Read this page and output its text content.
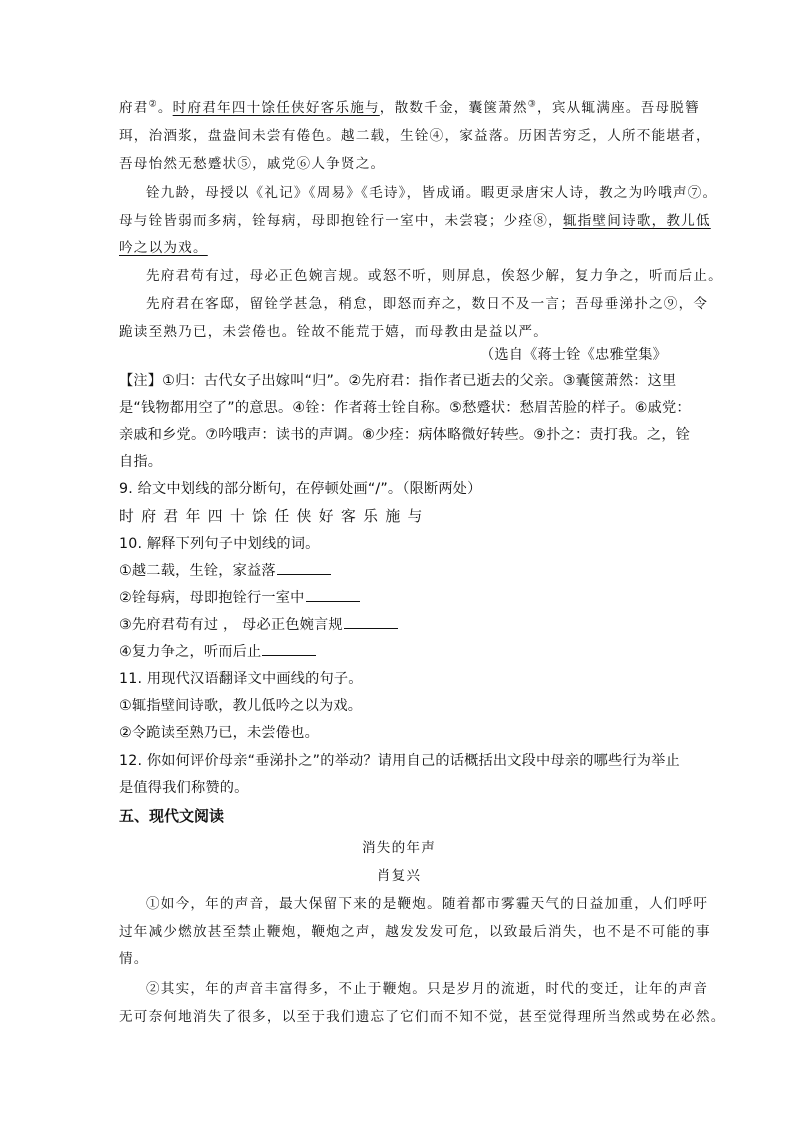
府君②。时府君年四十馀任侠好客乐施与，散数千金，囊箧萧然③，宾从辄满座。吾母脱簪
珥，治酒浆，盘盎间未尝有倦色。越二载，生铨④，家益落。历困苦穷乏，人所不能堪者，
吾母怡然无愁蹙状⑤，戚党⑥人争贤之。
铨九龄，母授以《礼记》《周易》《毛诗》，皆成诵。暇更录唐宋人诗，教之为吟哦声⑦。
母与铨皆弱而多病，铨每病，母即抱铨行一室中，未尝寝；少痊⑧，辄指壁间诗歌，教儿低
吟之以为戏。
先府君苟有过，母必正色婉言规。或怒不听，则屏息，俟怒少解，复力争之，听而后止。
先府君在客邸，留铨学甚急，稍怠，即怒而弃之，数日不及一言；吾母垂涕扑之⑨，令
跪读至熟乃已，未尝倦也。铨故不能荒于嬉，而母教由是益以严。
（选自《蒋士铨《忠雅堂集》
【注】①归：古代女子出嫁叫“归”。②先府君：指作者已逝去的父亲。③囊箧萧然：这里
是“钱物都用空了”的意思。④铨：作者蒋士铨自称。⑤愁蹙状：愁眉苦脸的样子。⑥戚党：
亲戚和乡党。⑦吟哦声：读书的声调。⑧少痊：病体略微好转些。⑨扑之：责打我。之，铨
自指。
9. 给文中划线的部分断句，在停顿处画“/”。（限断两处）
时府君年四十馀任侠好客乐施与
10. 解释下列句子中划线的词。
①越二载，生铨，家益落
②铨每病，母即抱铨行一室中
③先府君苟有过 ， 母必正色婉言规
④复力争之，听而后止
11. 用现代汉语翻译文中画线的句子。
①辄指壁间诗歌，教儿低吟之以为戏。
②令跪读至熟乃已，未尝倦也。
12. 你如何评价母亲“垂涕扑之”的举动？请用自己的话概括出文段中母亲的哪些行为举止
是值得我们称赞的。
五、现代文阅读
消失的年声
肖复兴
①如今，年的声音，最大保留下来的是鞭炮。随着都市雾霾天气的日益加重，人们呼吁
过年减少燃放甚至禁止鞭炮，鞭炮之声，越发发发可危，以致最后消失，也不是不可能的事
情。
②其实，年的声音丰富得多，不止于鞭炮。只是岁月的流逝，时代的变迁，让年的声音
无可奈何地消失了很多，以至于我们遗忘了它们而不知不觉，甚至觉得理所当然或势在必然。
